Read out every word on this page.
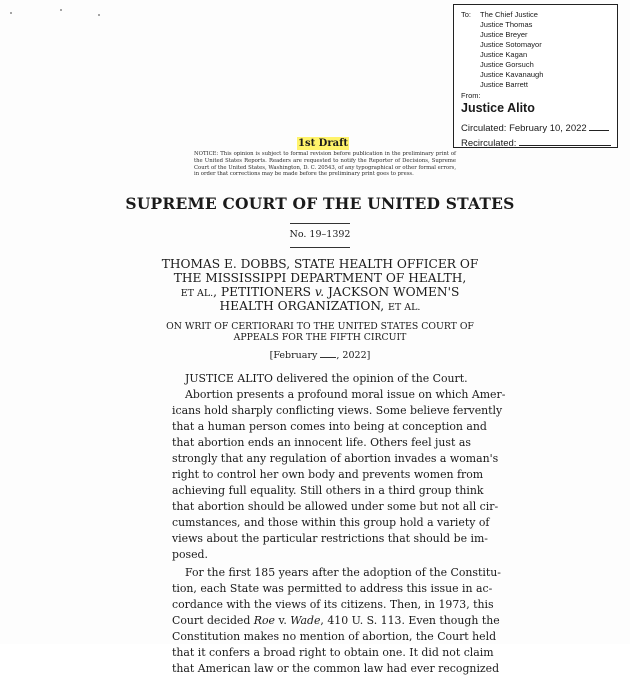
To: The Chief Justice
Justice Thomas
Justice Breyer
Justice Sotomayor
Justice Kagan
Justice Gorsuch
Justice Kavanaugh
Justice Barrett
From:
Justice Alito
Circulated: February 10, 2022
Recirculated:
1st Draft
NOTICE: This opinion is subject to formal revision before publication in the preliminary print of the United States Reports. Readers are requested to notify the Reporter of Decisions, Supreme Court of the United States, Washington, D. C. 20543, of any typographical or other formal errors, in order that corrections may be made before the preliminary print goes to press.
SUPREME COURT OF THE UNITED STATES
No. 19–1392
THOMAS E. DOBBS, STATE HEALTH OFFICER OF
THE MISSISSIPPI DEPARTMENT OF HEALTH,
ET AL., PETITIONERS v. JACKSON WOMEN'S
HEALTH ORGANIZATION, ET AL.
ON WRIT OF CERTIORARI TO THE UNITED STATES COURT OF
APPEALS FOR THE FIFTH CIRCUIT
[February , 2022]
JUSTICE ALITO delivered the opinion of the Court.
Abortion presents a profound moral issue on which Amer-
icans hold sharply conflicting views. Some believe fervently
that a human person comes into being at conception and
that abortion ends an innocent life. Others feel just as
strongly that any regulation of abortion invades a woman's
right to control her own body and prevents women from
achieving full equality. Still others in a third group think
that abortion should be allowed under some but not all cir-
cumstances, and those within this group hold a variety of
views about the particular restrictions that should be im-
posed.
For the first 185 years after the adoption of the Constitu-
tion, each State was permitted to address this issue in ac-
cordance with the views of its citizens. Then, in 1973, this
Court decided Roe v. Wade, 410 U. S. 113. Even though the
Constitution makes no mention of abortion, the Court held
that it confers a broad right to obtain one. It did not claim
that American law or the common law had ever recognized
